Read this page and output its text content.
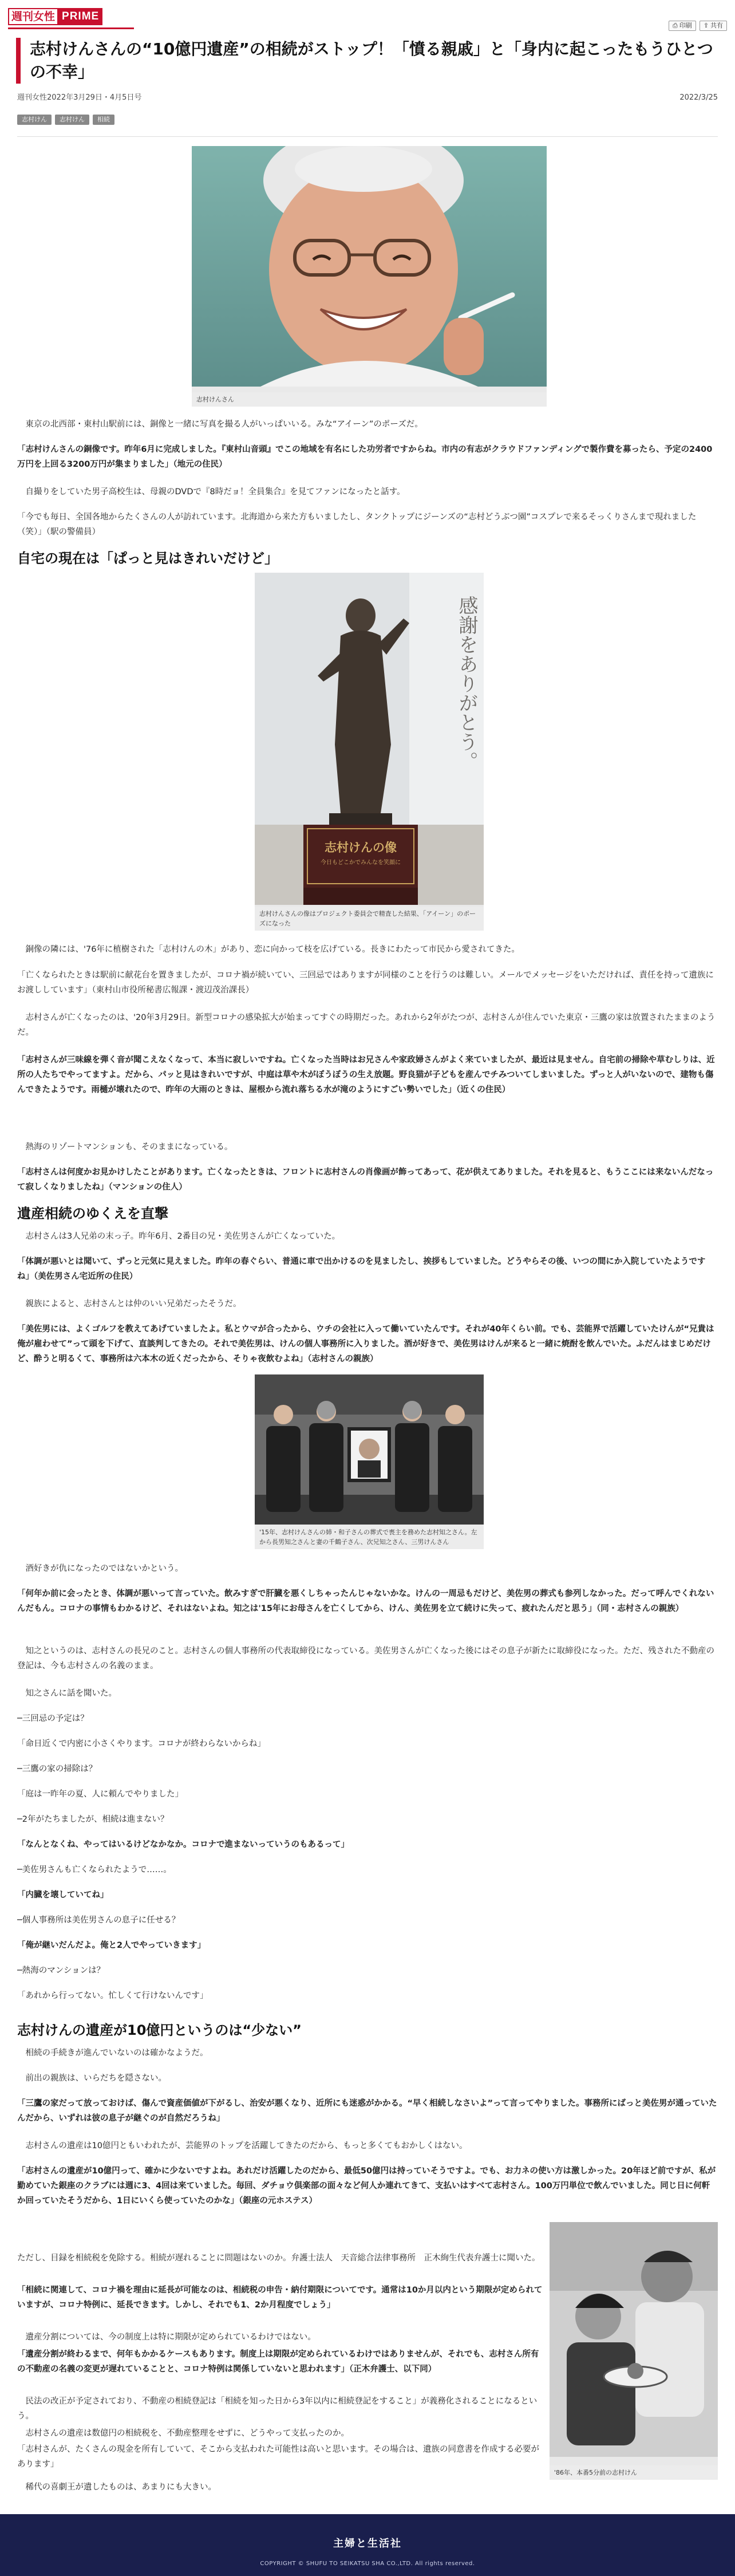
週刊女性 PRIME
⎙ 印刷 ⇪ 共有
志村けんさんの“10億円遺産”の相続がストップ！「憤る親戚」と「身内に起こったもうひとつの不幸」
週刊女性2022年3月29日・4月5日号	2022/3/25
志村けん	志村けん	相続
志村けんさん

東京の北西部・東村山駅前には、銅像と一緒に写真を撮る人がいっぱいいる。みな“アイーン”のポーズだ。

「志村けんさんの銅像です。昨年6月に完成しました。『東村山音頭』でこの地域を有名にした功労者ですからね。市内の有志がクラウドファンディングで製作費を募ったら、予定の2400万円を上回る3200万円が集まりました」（地元の住民）

自撮りをしていた男子高校生は、母親のDVDで『8時だョ！全員集合』を見てファンになったと話す。

「今でも毎日、全国各地からたくさんの人が訪れています。北海道から来た方もいましたし、タンクトップにジーンズの“志村どうぶつ園”コスプレで来るそっくりさんまで現れました（笑）」（駅の警備員）

自宅の現在は「ぱっと見はきれいだけど」
感謝をありがとう。
志村けんの像
今日もどこかでみんなを笑顔に
志村けんさんの像はプロジェクト委員会で精査した結果、「アイーン」のポーズになった

銅像の隣には、'76年に植樹された「志村けんの木」があり、恋に向かって枝を広げている。長きにわたって市民から愛されてきた。

「亡くなられたときは駅前に献花台を置きましたが、コロナ禍が続いてい、三回忌ではありますが同様のことを行うのは難しい。メールでメッセージをいただければ、責任を持って遺族にお渡ししています」（東村山市役所秘書広報課・渡辺茂治課長）

志村さんが亡くなったのは、'20年3月29日。新型コロナの感染拡大が始まってすぐの時期だった。あれから2年がたつが、志村さんが住んでいた東京・三鷹の家は放置されたままのようだ。

「志村さんが三味線を弾く音が聞こえなくなって、本当に寂しいですね。亡くなった当時はお兄さんや家政婦さんがよく来ていましたが、最近は見ません。自宅前の掃除や草むしりは、近所の人たちでやってますよ。だから、パッと見はきれいですが、中庭は草や木がぼうぼうの生え放題。野良猫が子どもを産んでチみついてしまいました。ずっと人がいないので、建物も傷んできたようです。雨樋が壊れたので、昨年の大雨のときは、屋根から流れ落ちる水が滝のようにすごい勢いでした」（近くの住民）

熱海のリゾートマンションも、そのままになっている。

「志村さんは何度かお見かけしたことがあります。亡くなったときは、フロントに志村さんの肖像画が飾ってあって、花が供えてありました。それを見ると、もうここには来ないんだなって寂しくなりましたね」（マンションの住人）

遺産相続のゆくえを直撃

志村さんは3人兄弟の末っ子。昨年6月、2番目の兄・美佐男さんが亡くなっていた。

「体調が悪いとは聞いて、ずっと元気に見えました。昨年の春ぐらい、普通に車で出かけるのを見ましたし、挨拶もしていました。どうやらその後、いつの間にか入院していたようですね」（美佐男さん宅近所の住民）

親族によると、志村さんとは仲のいい兄弟だったそうだ。

「美佐男には、よくゴルフを教えてあげていましたよ。私とウマが合ったから、ウチの会社に入って働いていたんです。それが40年くらい前。でも、芸能界で活躍していたけんが“兄貴は俺が雇わせて”って頭を下げて、直談判してきたの。それで美佐男は、けんの個人事務所に入りました。酒が好きで、美佐男はけんが来ると一緒に焼酎を飲んでいた。ふだんはまじめだけど、酔うと明るくて、事務所は六本木の近くだったから、そりゃ夜飲むよね」（志村さんの親族）

'15年、志村けんさんの姉・和子さんの葬式で喪主を務めた志村知之さん。左から長男知之さんと妻の千鶴子さん、次兄知之さん、三男けんさん

酒好きが仇になったのではないかという。

「何年か前に会ったとき、体調が悪いって言っていた。飲みすぎで肝臓を悪くしちゃったんじゃないかな。けんの一周忌もだけど、美佐男の葬式も参列しなかった。だって呼んでくれないんだもん。コロナの事情もわかるけど、それはないよね。知之は'15年にお母さんを亡くしてから、けん、美佐男を立て続けに失って、疲れたんだと思う」（同・志村さんの親族）

知之というのは、志村さんの長兄のこと。志村さんの個人事務所の代表取締役になっている。美佐男さんが亡くなった後にはその息子が新たに取締役になった。ただ、残された不動産の登記は、今も志村さんの名義のまま。

知之さんに話を聞いた。

─三回忌の予定は？

「命日近くで内密に小さくやります。コロナが終わらないからね」

─三鷹の家の掃除は？

「庭は一昨年の夏、人に頼んでやりました」

─2年がたちましたが、相続は進まない？

「なんとなくね、やってはいるけどなかなか。コロナで進まないっていうのもあるって」

─美佐男さんも亡くなられたようで……。

「内臓を壊していてね」

─個人事務所は美佐男さんの息子に任せる？

「俺が継いだんだよ。俺と2人でやっていきます」

─熱海のマンションは？

「あれから行ってない。忙しくて行けないんです」

志村けんの遺産が10億円というのは“少ない”

相続の手続きが進んでいないのは確かなようだ。

前出の親族は、いらだちを隠さない。

「三鷹の家だって放っておけば、傷んで資産価値が下がるし、治安が悪くなり、近所にも迷惑がかかる。“早く相続しなさいよ”って言ってやりました。事務所にばっと美佐男が通っていたんだから、いずれは彼の息子が継ぐのが自然だろうね」

志村さんの遺産は10億円ともいわれたが、芸能界のトップを活躍してきたのだから、もっと多くてもおかしくはない。

「志村さんの遺産が10億円って、確かに少ないですよね。あれだけ活躍したのだから、最低50億円は持っていそうですよ。でも、お力ネの使い方は激しかった。20年ほど前ですが、私が勤めていた銀座のクラブには週に3、4回は来ていました。毎回、ダチョウ倶楽部の面々など何人か連れてきて、支払いはすべて志村さん。100万円単位で飲んでいました。同じ日に何軒か回っていたそうだから、1日にいくら使っていたのかな」（銀座の元ホステス）

'86年、本番5分前の志村けん

ただし、目録を相続税を免除する。相続が遅れることに問題はないのか。弁護士法人　天音総合法律事務所　正木絢生代表弁護士に聞いた。

「相続に関連して、コロナ禍を理由に延長が可能なのは、相続税の申告・納付期限についてです。通常は10か月以内という期限が定められていますが、コロナ特例に、延長できます。しかし、それでも1、2か月程度でしょう」

遺産分割については、今の制度上は特に期限が定められているわけではない。

「遺産分割が終わるまで、何年もかかるケースもあります。制度上は期限が定められているわけではありませんが、それでも、志村さん所有の不動産の名義の変更が遅れていることと、コロナ特例は関係していないと思われます」（正木弁護士、以下同）

民法の改正が予定されており、不動産の相続登記は「相続を知った日から3年以内に相続登記をすること」が義務化されることになるという。

志村さんの遺産は数億円の相続税を、不動産整理をせずに、どうやって支払ったのか。

「志村さんが、たくさんの現金を所有していて、そこから支払われた可能性は高いと思います。その場合は、遺族の同意書を作成する必要があります」

稀代の喜劇王が遺したものは、あまりにも大きい。

主婦と生活社
COPYRIGHT © SHUFU TO SEIKATSU SHA CO.,LTD. All rights reserved.
